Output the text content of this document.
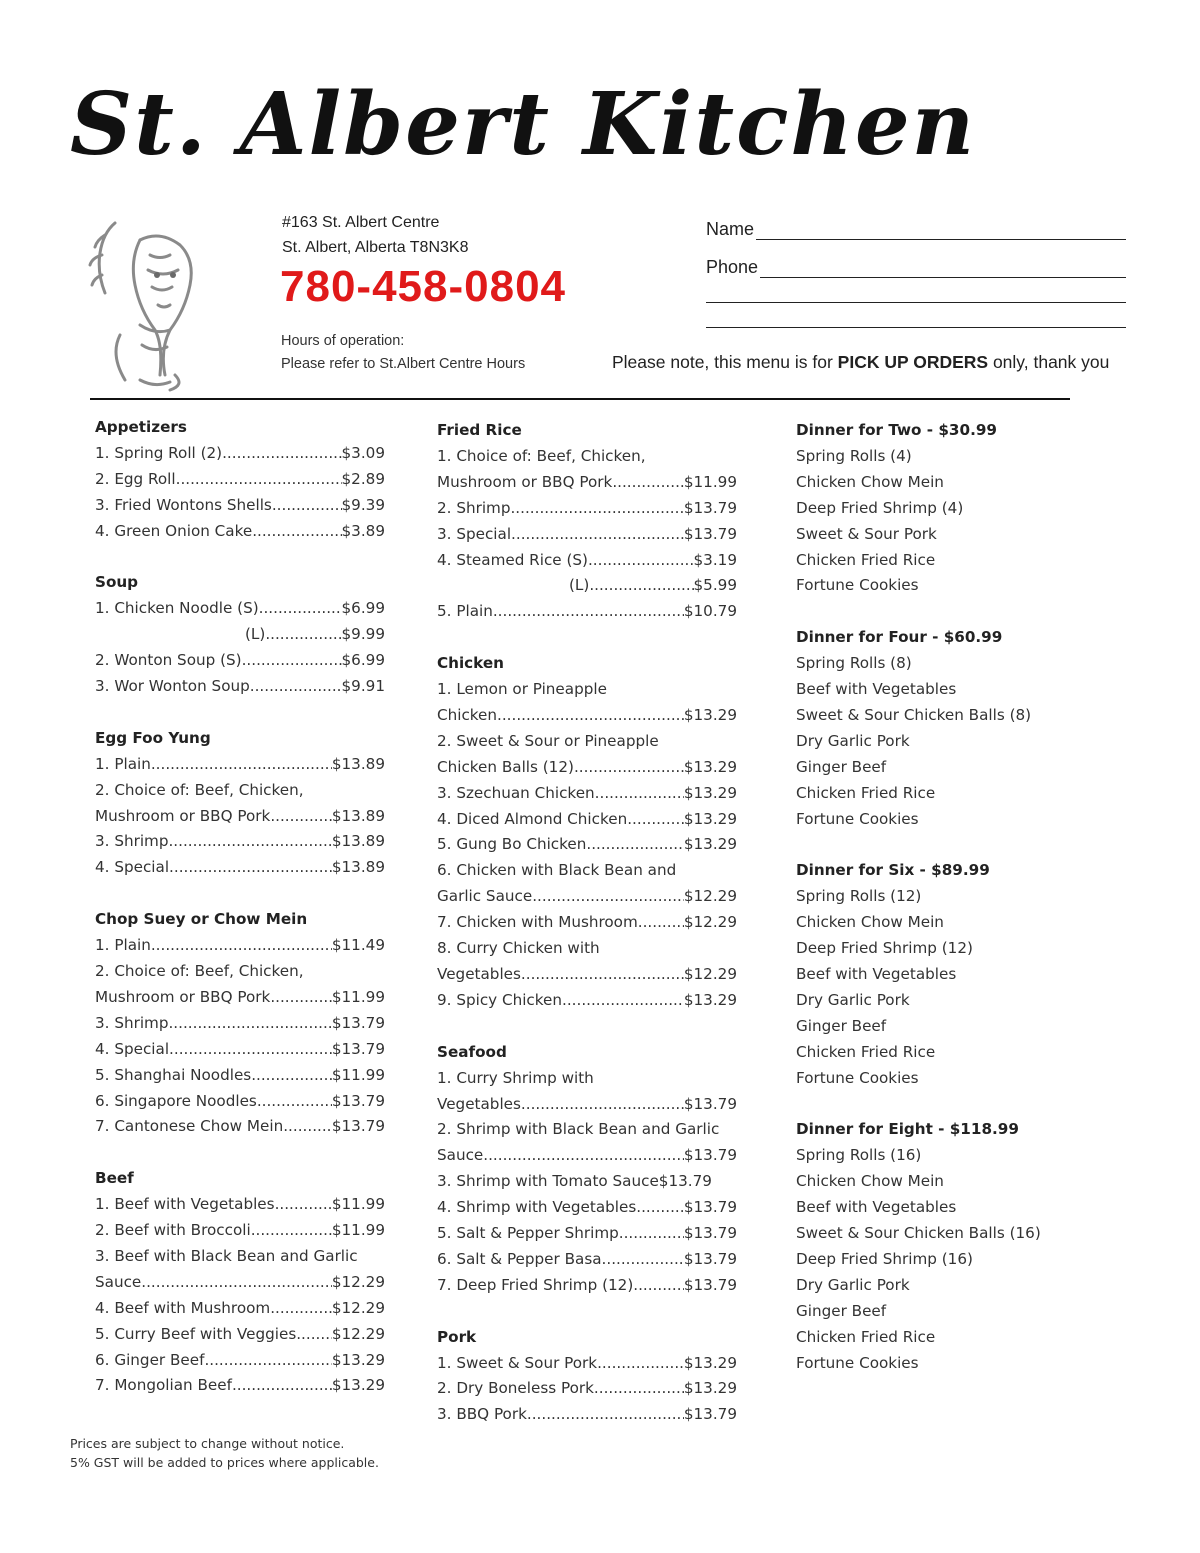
St. Albert Kitchen
#163 St. Albert Centre
St. Albert, Alberta T8N3K8
780-458-0804
Hours of operation:
Please refer to St.Albert Centre Hours
Name
Phone
Please note, this menu is for PICK UP ORDERS only, thank you
Appetizers
1. Spring Roll (2) .....	$3.09
2. Egg Roll .....	$2.89
3. Fried Wontons Shells .....	$9.39
4. Green Onion Cake .....	$3.89
Soup
1. Chicken Noodle (S) .....	$6.99
(L) .....	$9.99
2. Wonton Soup (S) .....	$6.99
3. Wor Wonton Soup .....	$9.91
Egg Foo Yung
1. Plain .....	$13.89
2. Choice of: Beef, Chicken,
Mushroom or BBQ Pork .....	$13.89
3. Shrimp .....	$13.89
4. Special .....	$13.89
Chop Suey or Chow Mein
1. Plain .....	$11.49
2. Choice of: Beef, Chicken,
Mushroom or BBQ Pork .....	$11.99
3. Shrimp .....	$13.79
4. Special .....	$13.79
5. Shanghai Noodles .....	$11.99
6. Singapore Noodles .....	$13.79
7. Cantonese Chow Mein .....	$13.79
Beef
1. Beef with Vegetables .....	$11.99
2. Beef with Broccoli .....	$11.99
3. Beef with Black Bean and Garlic
Sauce .....	$12.29
4. Beef with Mushroom .....	$12.29
5. Curry Beef with Veggies ..... $12.29
6. Ginger Beef .....	$13.29
7. Mongolian Beef .....	$13.29
Fried Rice
1. Choice of: Beef, Chicken,
Mushroom or BBQ Pork .....	$11.99
2. Shrimp .....	$13.79
3. Special .....	$13.79
4. Steamed Rice (S) .....	$3.19
(L) .....	$5.99
5. Plain .....	$10.79
Chicken
1. Lemon or Pineapple
Chicken .....	$13.29
2. Sweet & Sour or Pineapple
Chicken Balls (12) .....	$13.29
3. Szechuan Chicken .....	$13.29
4. Diced Almond Chicken .....	$13.29
5. Gung Bo Chicken .....	$13.29
6. Chicken with Black Bean and
Garlic Sauce .....	$12.29
7. Chicken with Mushroom .....	$12.29
8. Curry Chicken with
Vegetables .....	$12.29
9. Spicy Chicken .....	$13.29
Seafood
1. Curry Shrimp with
Vegetables .....	$13.79
2. Shrimp with Black Bean and Garlic
Sauce .....	$13.79
3. Shrimp with Tomato Sauce $13.79
4. Shrimp with Vegetables .....	$13.79
5. Salt & Pepper Shrimp .....	$13.79
6. Salt & Pepper Basa .....	$13.79
7. Deep Fried Shrimp (12) .....	$13.79
Pork
1. Sweet & Sour Pork .....	$13.29
2. Dry Boneless Pork .....	$13.29
3. BBQ Pork .....	$13.79
Dinner for Two - $30.99
Spring Rolls (4)
Chicken Chow Mein
Deep Fried Shrimp (4)
Sweet & Sour Pork
Chicken Fried Rice
Fortune Cookies
Dinner for Four - $60.99
Spring Rolls (8)
Beef with Vegetables
Sweet & Sour Chicken Balls (8)
Dry Garlic Pork
Ginger Beef
Chicken Fried Rice
Fortune Cookies
Dinner for Six - $89.99
Spring Rolls (12)
Chicken Chow Mein
Deep Fried Shrimp (12)
Beef with Vegetables
Dry Garlic Pork
Ginger Beef
Chicken Fried Rice
Fortune Cookies
Dinner for Eight - $118.99
Spring Rolls (16)
Chicken Chow Mein
Beef with Vegetables
Sweet & Sour Chicken Balls (16)
Deep Fried Shrimp (16)
Dry Garlic Pork
Ginger Beef
Chicken Fried Rice
Fortune Cookies
Prices are subject to change without notice.
5% GST will be added to prices where applicable.
